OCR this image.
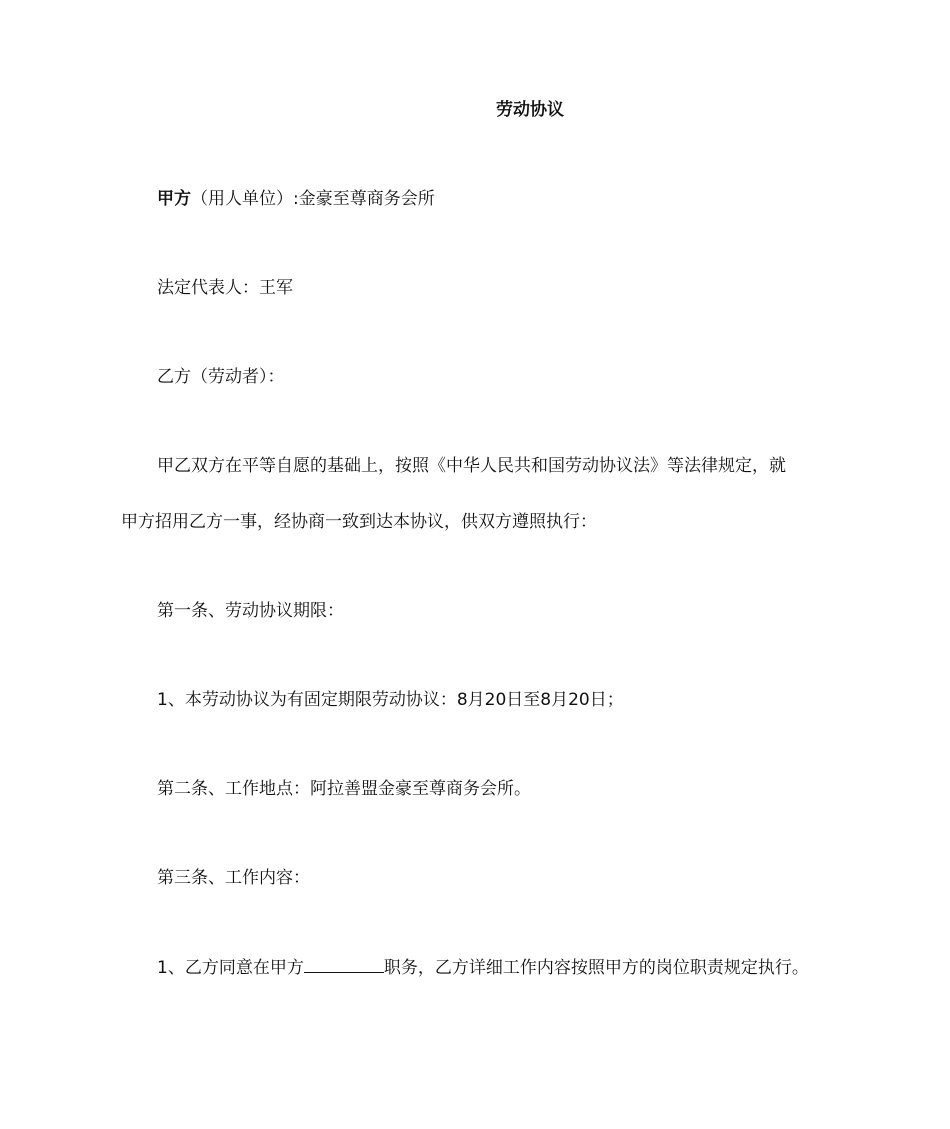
劳动协议
甲方（用人单位）:金豪至尊商务会所
法定代表人：王军
乙方（劳动者）：
甲乙双方在平等自愿的基础上，按照《中华人民共和国劳动协议法》等法律规定，就
甲方招用乙方一事，经协商一致到达本协议，供双方遵照执行：
第一条、劳动协议期限：
1、本劳动协议为有固定期限劳动协议：8月20日至8月20日；
第二条、工作地点：阿拉善盟金豪至尊商务会所。
第三条、工作内容：
1、乙方同意在甲方	职务，乙方详细工作内容按照甲方的岗位职责规定执行。
